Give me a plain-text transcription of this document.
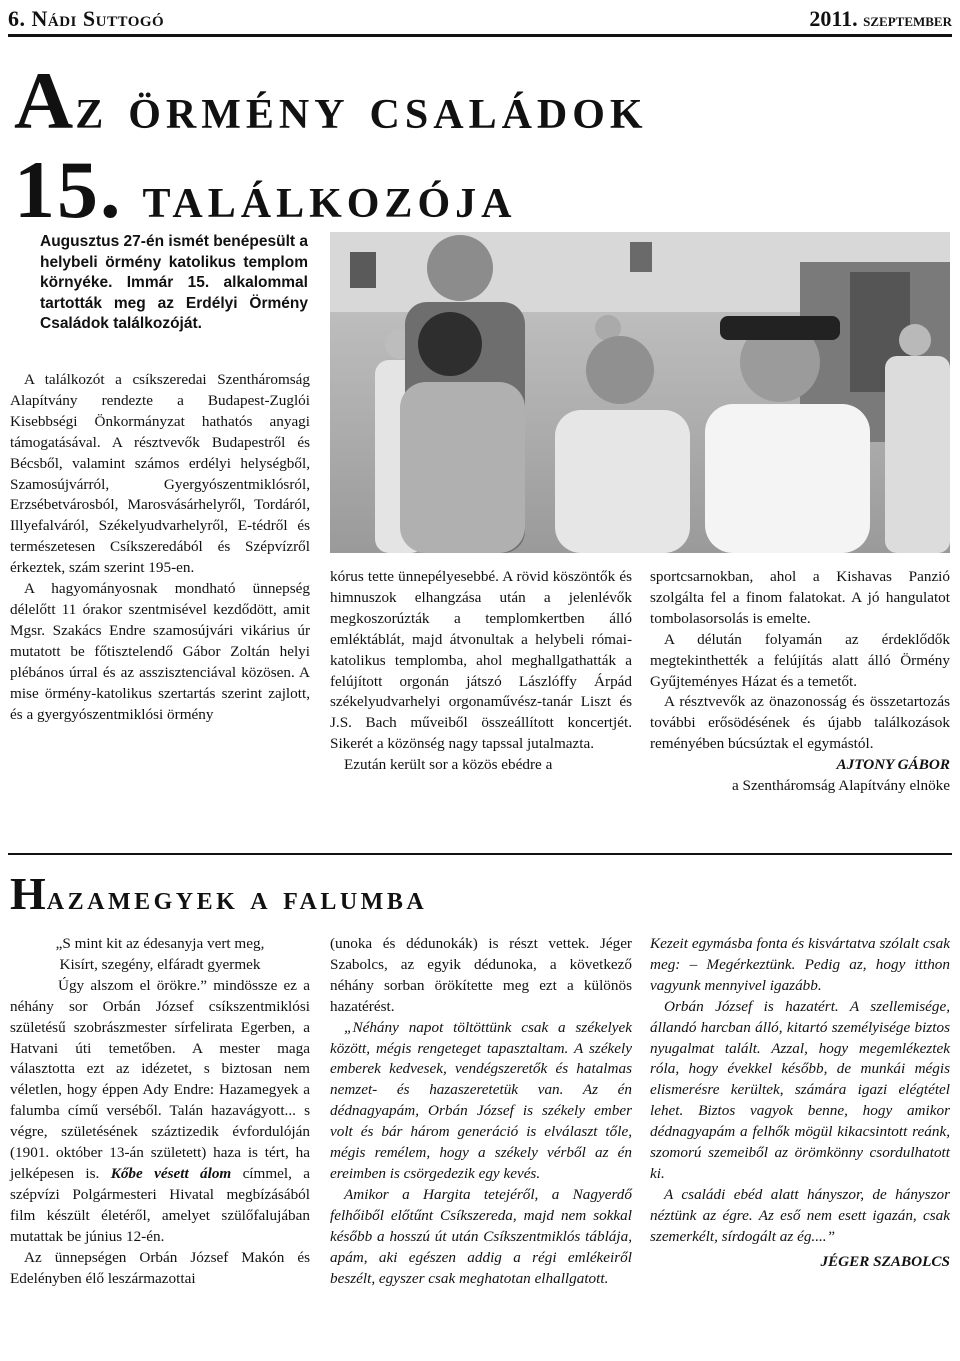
6. Nádi Suttogó	2011. szeptember
Az örmény családok
15. találkozója
Augusztus 27-én ismét benépesült a helybeli örmény katolikus templom környéke. Immár 15. alkalommal tartották meg az Erdélyi Örmény Családok találkozóját.

A találkozót a csíkszeredai Szentháromság Alapítvány rendezte a Budapest-Zuglói Kisebbségi Önkormányzat hathatós anyagi támogatásával. A résztvevők Budapestről és Bécsből, valamint számos erdélyi helységből, Szamosújvárról, Gyergyószentmiklósról, Erzsébetvárosból, Marosvásárhelyről, Tordáról, Illyefalváról, Székelyudvarhelyről, E-tédről és természetesen Csíkszeredából és Szépvízről érkeztek, szám szerint 195-en.

A hagyományosnak mondható ünnepség délelőtt 11 órakor szentmisével kezdődött, amit Mgsr. Szakács Endre szamosújvári vikárius úr mutatott be főtisztelendő Gábor Zoltán helyi plébános úrral és az asszisztenciával közösen. A mise örmény-katolikus szertartás szerint zajlott, és a gyergyószentmiklósi örmény

kórus tette ünnepélyesebbé. A rövid köszöntők és himnuszok elhangzása után a jelenlévők megkoszorúzták a templomkertben álló emléktáblát, majd átvonultak a helybeli római-katolikus templomba, ahol meghallgathatták a felújított orgonán játszó Lászlóffy Árpád székelyudvarhelyi orgonaművész-tanár Liszt és J.S. Bach műveiből összeállított koncertjét. Sikerét a közönség nagy tapssal jutalmazta.

Ezután került sor a közös ebédre a

sportcsarnokban, ahol a Kishavas Panzió szolgálta fel a finom falatokat. A jó hangulatot tombolasorsolás is emelte.

A délután folyamán az érdeklődők megtekinthették a felújítás alatt álló Örmény Gyűjteményes Házat és a temetőt.

A résztvevők az önazonosság és összetartozás további erősödésének és újabb találkozások reményében búcsúztak el egymástól.

AJTONY GÁBOR

a Szentháromság Alapítvány elnöke

Hazamegyek a falumba

„S mint kit az édesanyja vert meg,

Kisírt, szegény, elfáradt gyermek

Úgy alszom el örökre.” mindössze ez a néhány sor Orbán József csíkszentmiklósi születésű szobrászmester sírfelirata Egerben, a Hatvani úti temetőben. A mester maga választotta ezt az idézetet, s biztosan nem véletlen, hogy éppen Ady Endre: Hazamegyek a falumba című verséből. Talán hazavágyott... s végre, születésének száztizedik évfordulóján (1901. október 13-án született) haza is tért, ha jelképesen is. Kőbe vésett álom címmel, a szépvízi Polgármesteri Hivatal megbízásából film készült életéről, amelyet szülőfalujában mutattak be június 12-én.

Az ünnepségen Orbán József Makón és Edelényben élő leszármazottai

(unoka és dédunokák) is részt vettek. Jéger Szabolcs, az egyik dédunoka, a következő néhány sorban örökítette meg ezt a különös hazatérést.

„Néhány napot töltöttünk csak a székelyek között, mégis rengeteget tapasztaltam. A székely emberek kedvesek, vendégszeretők és hatalmas nemzet- és hazaszeretetük van. Az én dédnagyapám, Orbán József is székely ember volt és bár három generáció is elválaszt tőle, mégis remélem, hogy a székely vérből az én ereimben is csörgedezik egy kevés.

Amikor a Hargita tetejéről, a Nagyerdő felhőiből előtűnt Csíkszereda, majd nem sokkal később a hosszú út után Csíkszentmiklós táblája, apám, aki egészen addig a régi emlékeiről beszélt, egyszer csak meghatotan elhallgatott.

Kezeit egymásba fonta és kisvártatva szólalt csak meg: – Megérkeztünk. Pedig az, hogy itthon vagyunk mennyivel igazább.

Orbán József is hazatért. A szellemisége, állandó harcban álló, kitartó személyisége biztos nyugalmat talált. Azzal, hogy megemlékeztek róla, hogy évekkel később, de munkái mégis elismerésre kerültek, számára igazi elégtétel lehet. Biztos vagyok benne, hogy amikor dédnagyapám a felhők mögül kikacsintott reánk, szomorú szemeiből az örömkönny csordulhatott ki.

A családi ebéd alatt hányszor, de hányszor néztünk az égre. Az eső nem esett igazán, csak szemerkélt, sírdogált az ég....”

JÉGER SZABOLCS
